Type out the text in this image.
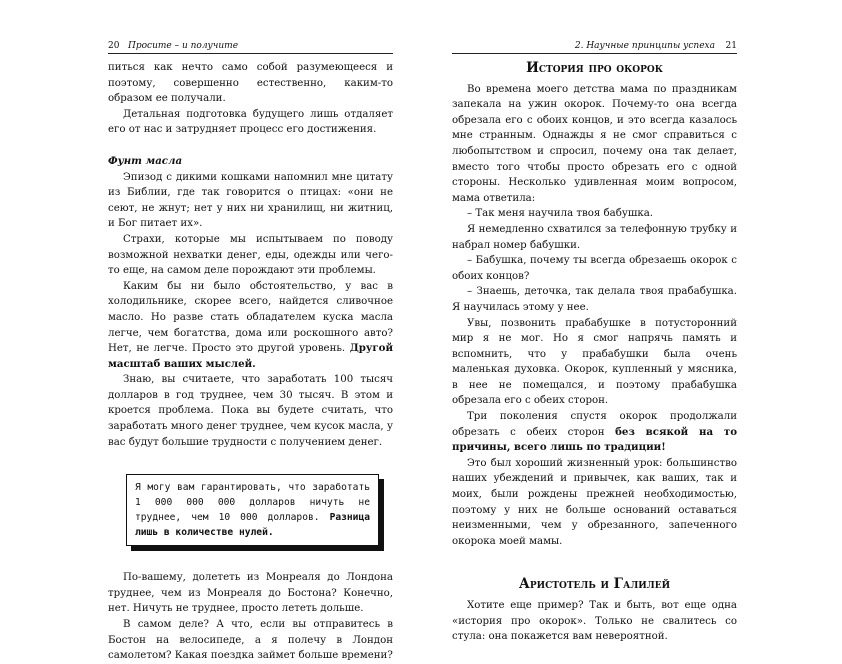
20 Просите – и получите

питься как нечто само собой разумеющееся и поэтому, совершенно естественно, каким-то образом ее получали.

Детальная подготовка будущего лишь отдаляет его от нас и затрудняет процесс его достижения.

Фунт масла

Эпизод с дикими кошками напомнил мне цитату из Библии, где так говорится о птицах: «они не сеют, не жнут; нет у них ни хранилищ, ни житниц, и Бог питает их».

Страхи, которые мы испытываем по поводу возможной нехватки денег, еды, одежды или чего-то еще, на самом деле порождают эти проблемы.

Каким бы ни было обстоятельство, у вас в холодильнике, скорее всего, найдется сливочное масло. Но разве стать обладателем куска масла легче, чем богатства, дома или роскошного авто? Нет, не легче. Просто это другой уровень. Другой масштаб ваших мыслей.

Знаю, вы считаете, что заработать 100 тысяч долларов в год труднее, чем 30 тысяч. В этом и кроется проблема. Пока вы будете считать, что заработать много денег труднее, чем кусок масла, у вас будут большие трудности с получением денег.

Я могу вам гарантировать, что заработать 1 000 000 000 долларов ничуть не труднее, чем 10 000 долларов. Разница лишь в количестве нулей.

По-вашему, долететь из Монреаля до Лондона труднее, чем из Монреаля до Бостона? Конечно, нет. Ничуть не труднее, просто лететь дольше.

В самом деле? А что, если вы отправитесь в Бостон на велосипеде, а я полечу в Лондон самолетом? Какая поездка займет больше времени?

2. Научные принципы успеха 21
История про окорок

Во времена моего детства мама по праздникам запекала на ужин окорок. Почему-то она всегда обрезала его с обоих концов, и это всегда казалось мне странным. Однажды я не смог справиться с любопытством и спросил, почему она так делает, вместо того чтобы просто обрезать его с одной стороны. Несколько удивленная моим вопросом, мама ответила:

– Так меня научила твоя бабушка.

Я немедленно схватился за телефонную трубку и набрал номер бабушки.

– Бабушка, почему ты всегда обрезаешь окорок с обоих концов?

– Знаешь, деточка, так делала твоя прабабушка. Я научилась этому у нее.

Увы, позвонить прабабушке в потусторонний мир я не мог. Но я смог напрячь память и вспомнить, что у прабабушки была очень маленькая духовка. Окорок, купленный у мясника, в нее не помещался, и поэтому прабабушка обрезала его с обеих сторон.

Три поколения спустя окорок продолжали обрезать с обеих сторон без всякой на то причины, всего лишь по традиции!

Это был хороший жизненный урок: большинство наших убеждений и привычек, как ваших, так и моих, были рождены прежней необходимостью, поэтому у них не больше оснований оставаться неизменными, чем у обрезанного, запеченного окорока моей мамы.

Аристотель и Галилей

Хотите еще пример? Так и быть, вот еще одна «история про окорок». Только не свалитесь со стула: она покажется вам невероятной.
